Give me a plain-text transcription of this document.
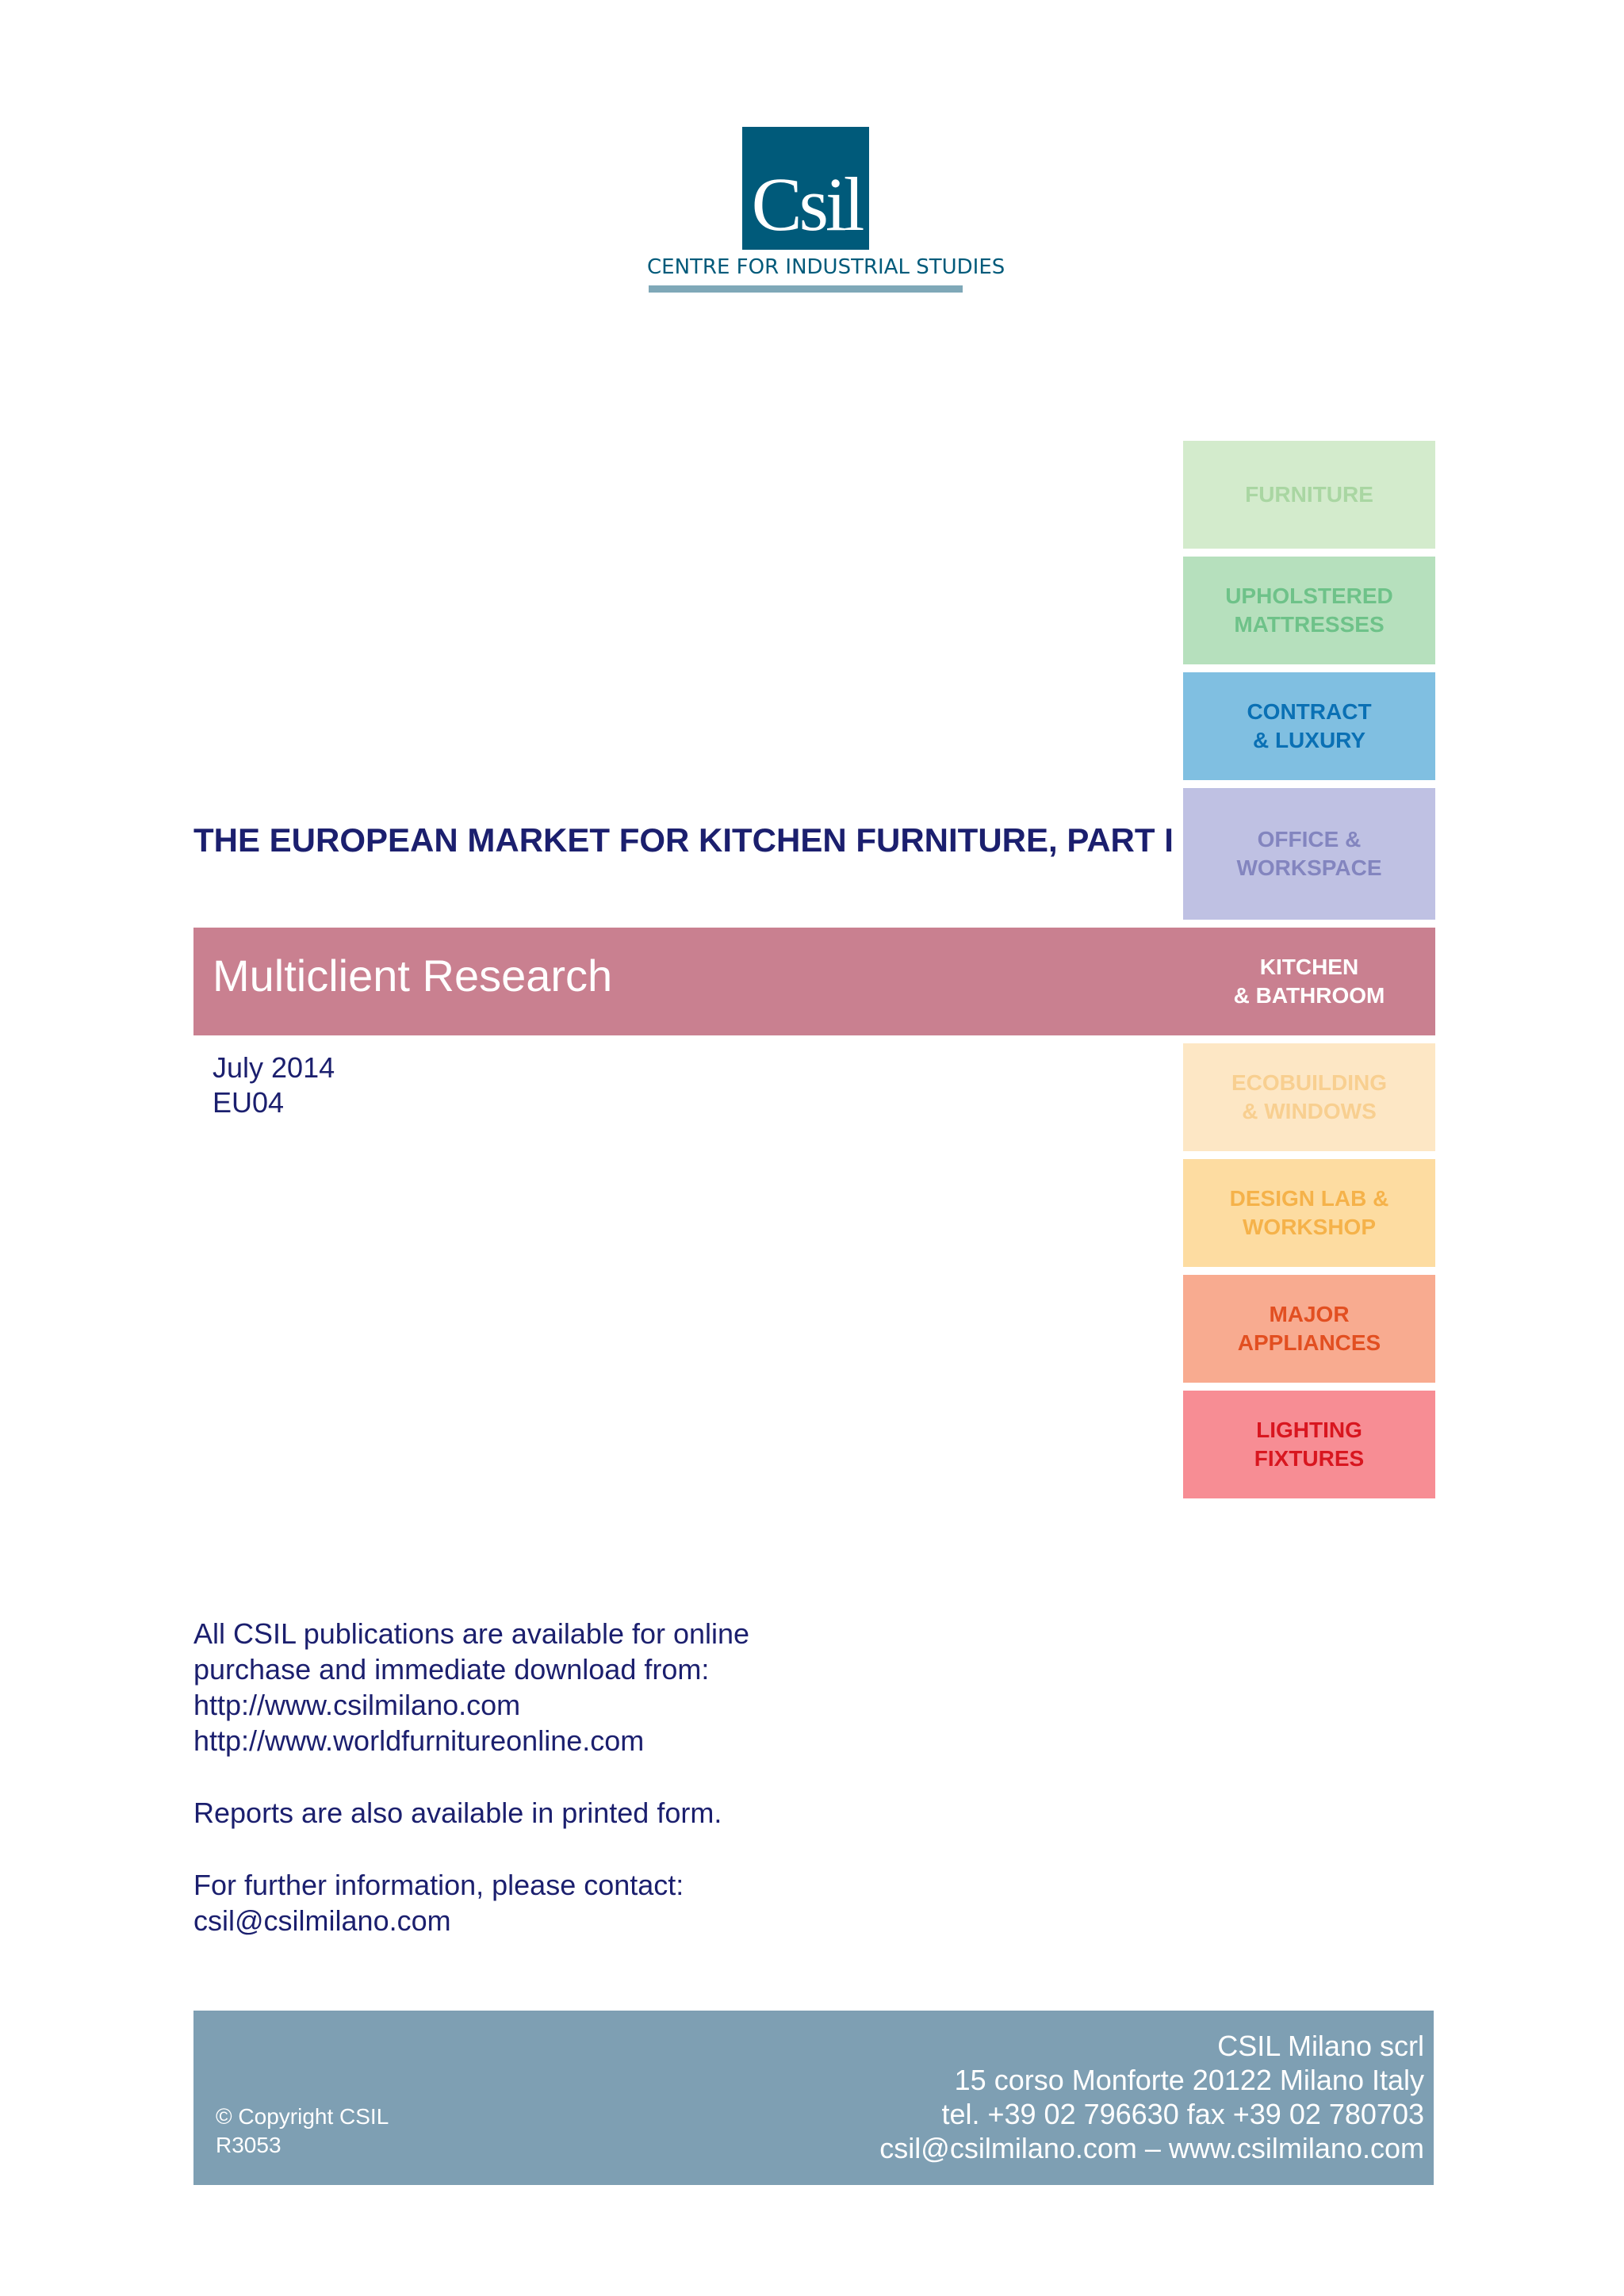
Csil
CENTRE FOR INDUSTRIAL STUDIES
FURNITURE
UPHOLSTERED
MATTRESSES
CONTRACT
& LUXURY
OFFICE &
WORKSPACE
KITCHEN
& BATHROOM
ECOBUILDING
& WINDOWS
DESIGN LAB &
WORKSHOP
MAJOR
APPLIANCES
LIGHTING
FIXTURES
THE EUROPEAN MARKET FOR KITCHEN FURNITURE, PART I
Multiclient Research
July 2014
EU04
All CSIL publications are available for online
purchase and immediate download from:
http://www.csilmilano.com
http://www.worldfurnitureonline.com
Reports are also available in printed form.
For further information, please contact:
csil@csilmilano.com
© Copyright CSIL
R3053
CSIL Milano scrl
15 corso Monforte 20122 Milano Italy
tel. +39 02 796630 fax +39 02 780703
csil@csilmilano.com – www.csilmilano.com
